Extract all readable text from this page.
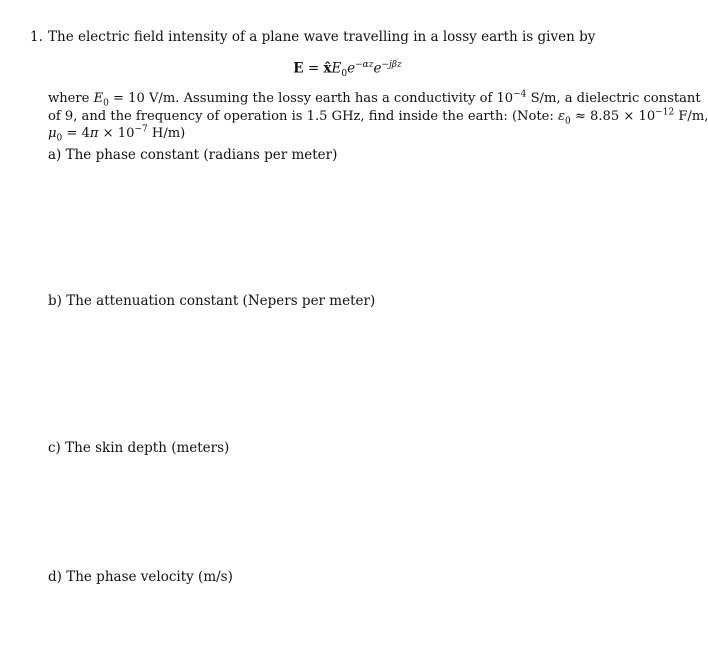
1. The electric field intensity of a plane wave travelling in a lossy earth is given by
$E = x̂E_0e^{-\alpha z}e^{-j\beta z}$
where $E_0 = 10$ V/m. Assuming the lossy earth has a conductivity of $10^{-4}$ S/m, a dielectric constant
of 9, and the frequency of operation is 1.5 GHz, find inside the earth: (Note: $\varepsilon_0 \approx 8.85 \times 10^{-12}$ F/m,
$\mu_0 = 4\pi \times 10^{-7}$ H/m)
a) The phase constant (radians per meter)
b) The attenuation constant (Nepers per meter)
c) The skin depth (meters)
d) The phase velocity (m/s)
